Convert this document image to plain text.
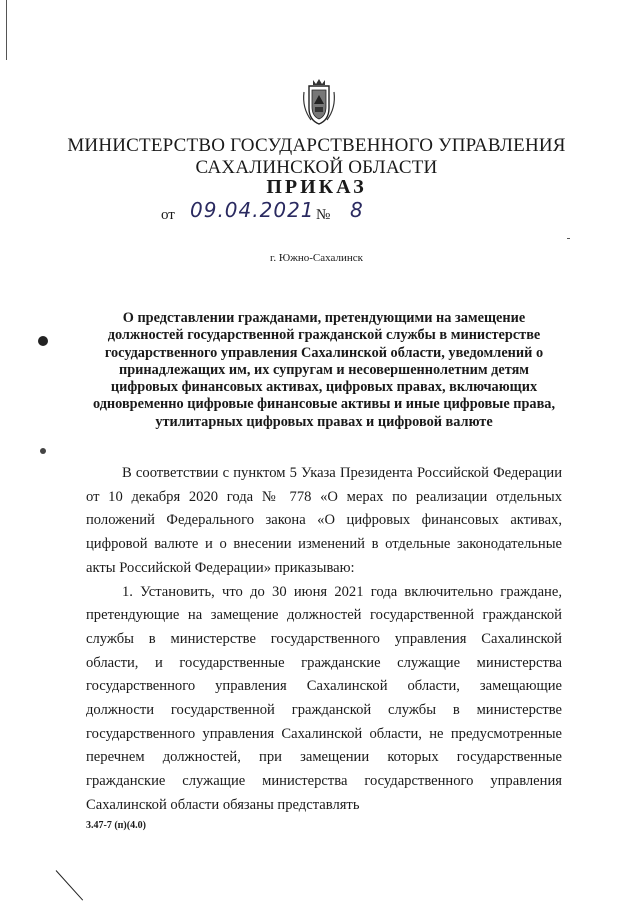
МИНИСТЕРСТВО ГОСУДАРСТВЕННОГО УПРАВЛЕНИЯ
САХАЛИНСКОЙ ОБЛАСТИ
ПРИКАЗ
от 09.04.2021 № 8
г. Южно-Сахалинск
О представлении гражданами, претендующими на замещение должностей государственной гражданской службы в министерстве государственного управления Сахалинской области, уведомлений о принадлежащих им, их супругам и несовершеннолетним детям цифровых финансовых активах, цифровых правах, включающих одновременно цифровые финансовые активы и иные цифровые права, утилитарных цифровых правах и цифровой валюте

В соответствии с пунктом 5 Указа Президента Российской Федерации от 10 декабря 2020 года № 778 «О мерах по реализации отдельных положений Федерального закона «О цифровых финансовых активах, цифровой валюте и о внесении изменений в отдельные законодательные акты Российской Федерации» приказываю:

1. Установить, что до 30 июня 2021 года включительно граждане, претендующие на замещение должностей государственной гражданской службы в министерстве государственного управления Сахалинской области, и государственные гражданские служащие министерства государственного управления Сахалинской области, замещающие должности государственной гражданской службы в министерстве государственного управления Сахалинской области, не предусмотренные перечнем должностей, при замещении которых государственные гражданские служащие министерства государственного управления Сахалинской области обязаны представлять

3.47-7 (п)(4.0)
